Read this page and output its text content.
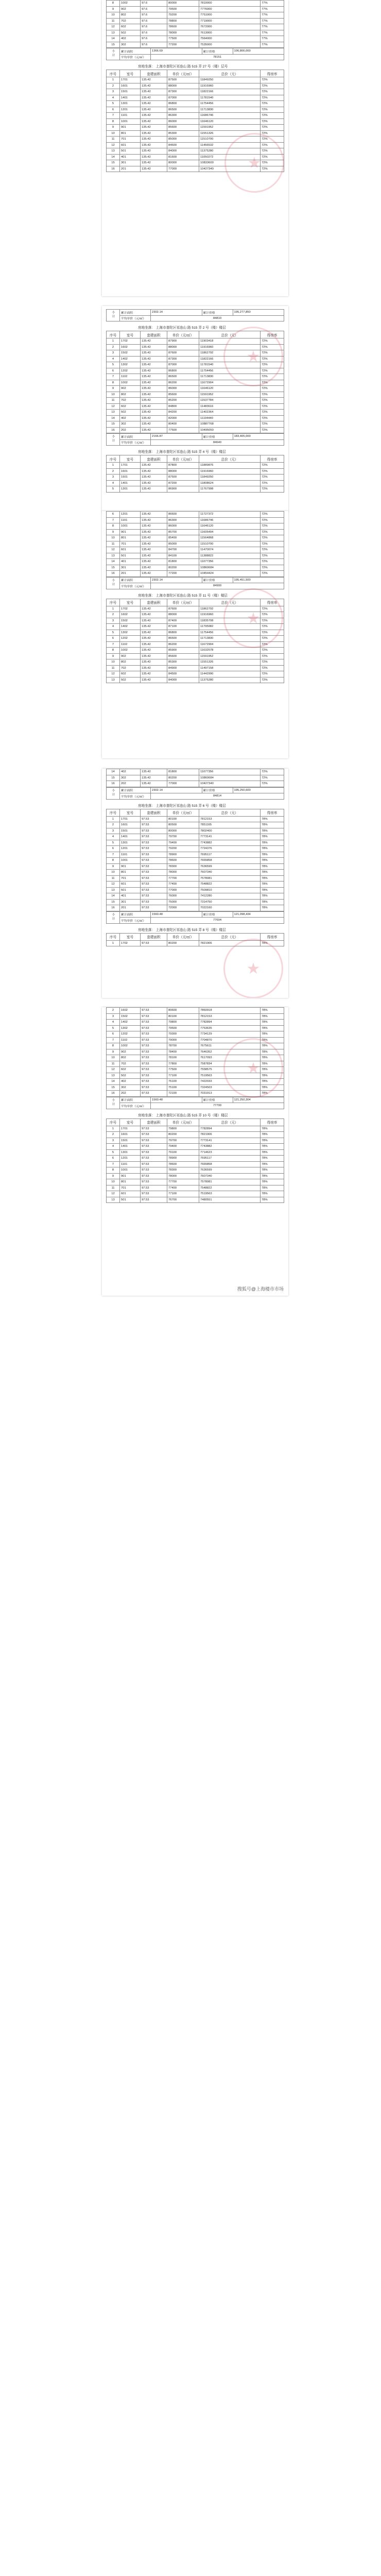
8	1002	97.6	80000	7810000	77%
9	902	97.6	79500	7776000	77%
10	802	97.6	79200	7751000	77%
11	702	97.6	78800	7719000	77%
12	602	97.6	78600	7672000	77%
13	502	97.6	78000	7613000	77%
14	402	97.6	77500	7564000	77%
15	302	97.6	77200	7535000	77%
小计	累计面积	1366.69	累计价格	106,806,000
	平均单价（元/㎡）	78151		
房地坐落： 上海市普陀区祁连山 路 515 弄 27 号（楼）层号
序号	室号	套建面积	单价（元/㎡）	总价（元）	得房率
1	1701	135.42	87500	11849250	72%
2	1601	135.42	88000	11916960	72%
3	1501	135.42	87300	11822166	72%
4	1401	135.42	87000	11781540	72%
5	1301	135.42	86800	11754456	72%
6	1201	135.42	86500	11713830	72%
7	1101	135.42	86300	11686746	72%
8	1001	135.42	86000	11646120	72%
9	901	135.42	85600	11591952	72%
10	801	135.42	85300	11551326	72%
11	701	135.42	85000	11510700	72%
12	601	135.42	84600	11456532	72%
13	501	135.42	84000	11375280	72%
14	401	135.42	81600	11050272	72%
15	301	135.42	80000	10833600	72%
16	201	135.42	77000	10427340	72%
★
小计	累计面积	2302.14	累计价格	195,277,850
	平均单价（元/㎡）	84810		
房地坐落： 上海市普陀区祁连山 路 515 弄 2 号（楼）楼层
序号	室号	套建面积	单价（元/㎡）	总价（元）	得房率
1	1702	135.42	87900	11903418	72%
2	1602	135.42	88000	11916960	72%
3	1502	135.42	87600	11862792	72%
4	1402	135.42	87300	11822166	72%
5	1302	135.42	87000	11781540	72%
6	1202	135.42	86800	11754456	72%
7	1102	135.42	86500	11713830	72%
8	1002	135.42	86200	11672904	72%
9	902	135.42	86000	11646120	72%
10	802	135.42	85600	11591952	72%
11	702	135.42	85200	11537784	72%
12	602	135.42	84800	11483616	72%
13	502	135.42	84200	11402364	72%
14	402	135.42	82000	11104440	72%
15	302	135.42	80400	10887768	72%
16	202	135.42	77500	10495050	72%
小计	累计面积	2166.87	累计价格	183,405,000
	平均单价（元/㎡）	84640		
房地坐落： 上海市普陀区祁连山 路 515 弄 4 号（楼）楼层
序号	室号	套建面积	单价（元/㎡）	总价（元）	得房率
1	1701	135.42	87800	11889876	72%
2	1601	135.42	88000	11916960	72%
3	1501	135.42	87500	11849250	72%
4	1401	135.42	87200	11808624	72%
5	1301	135.42	86900	11767998	72%
★
6	1201	135.42	86600	11727372	72%
7	1101	135.42	86300	11686746	72%
8	1001	135.42	86000	11646120	72%
9	901	135.42	85700	11605494	72%
10	801	135.42	85400	11564868	72%
11	701	135.42	85000	11510700	72%
12	601	135.42	84700	11470074	72%
13	501	135.42	84100	11388822	72%
14	401	135.42	81800	11077356	72%
15	301	135.42	80200	10860684	72%
16	201	135.42	77200	10454424	72%
小计	累计面积	2302.14	累计价格	195,451,500
	平均单价（元/㎡）	84900		
房地坐落： 上海市普陀区祁连山 路 515 弄 11 号（楼）楼层
序号	室号	套建面积	单价（元/㎡）	总价（元）	得房率
1	1702	135.42	87600	11862792	72%
2	1602	135.42	88000	11916960	72%
3	1502	135.42	87400	11835708	72%
4	1402	135.42	87100	11795082	72%
5	1302	135.42	86800	11754456	72%
6	1202	135.42	86500	11713830	72%
7	1102	135.42	86200	11672904	72%
8	1002	135.42	85900	11632578	72%
9	902	135.42	85600	11591952	72%
10	802	135.42	85300	11551326	72%
11	702	135.42	84900	11497158	72%
12	602	135.42	84500	11442990	72%
13	502	135.42	84000	11375280	72%
★
14	402	135.42	81800	11077356	72%
15	302	135.42	80200	10860684	72%
16	202	135.42	77000	10427340	72%
小计	累计面积	2302.14	累计价格	195,250,600
	平均单价（元/㎡）	84814		
房地坐落： 上海市普陀区祁连山 路 515 弄 6 号（楼）楼层
序号	室号	套建面积	单价（元/㎡）	总价（元）	得房率
1	1701	97.53	80100	7812153	78%
2	1601	97.53	80500	7851165	78%
3	1501	97.53	80000	7802400	78%
4	1401	97.53	79700	7773141	78%
5	1301	97.53	79400	7743882	78%
6	1201	97.53	79200	7724376	78%
7	1101	97.53	78900	7695117	78%
8	1001	97.53	78600	7665858	78%
9	901	97.53	78300	7636599	78%
10	801	97.53	78000	7607340	78%
11	701	97.53	77700	7578081	78%
12	601	97.53	77400	7548822	78%
13	501	97.53	77000	7509810	78%
14	401	97.53	76000	7412280	78%
15	301	97.53	75000	7314750	78%
16	201	97.53	72000	7022160	78%
小计	累计面积	1560.48	累计价格	121,098,434
	平均单价（元/㎡）	77604		
房地坐落： 上海市普陀区祁连山 路 515 弄 8 号（楼）楼层
序号	室号	套建面积	单价（元/㎡）	总价（元）	得房率
1	1702	97.53	80200	7821906	78%
★
2	1602	97.53	80600	7860918	78%
3	1502	97.53	80100	7812153	78%
4	1402	97.53	79800	7782894	78%
5	1302	97.53	79500	7753635	78%
6	1202	97.53	79300	7734129	78%
7	1102	97.53	79000	7704870	78%
8	1002	97.53	78700	7675611	78%
9	902	97.53	78400	7646352	78%
10	802	97.53	78100	7617093	78%
11	702	97.53	77800	7587834	78%
12	602	97.53	77500	7558575	78%
13	502	97.53	77100	7519563	78%
14	402	97.53	76100	7422033	78%
15	302	97.53	75100	7324503	78%
16	202	97.53	72100	7031913	78%
小计	累计面积	1560.48	累计价格	121,250,304
	平均单价（元/㎡）	77700		
房地坐落： 上海市普陀区祁连山 路 515 弄 10 号（楼）楼层
序号	室号	套建面积	单价（元/㎡）	总价（元）	得房率
1	1701	97.53	79800	7782894	78%
2	1601	97.53	80200	7821906	78%
3	1501	97.53	79700	7773141	78%
4	1401	97.53	79400	7743882	78%
5	1301	97.53	79100	7714623	78%
6	1201	97.53	78900	7695117	78%
7	1101	97.53	78600	7665858	78%
8	1001	97.53	78300	7636599	78%
9	901	97.53	78000	7607340	78%
10	801	97.53	77700	7578081	78%
11	701	97.53	77400	7548822	78%
12	601	97.53	77100	7519563	78%
13	501	97.53	76700	7480551	78%
★
搜狐号@上海楼市市场
